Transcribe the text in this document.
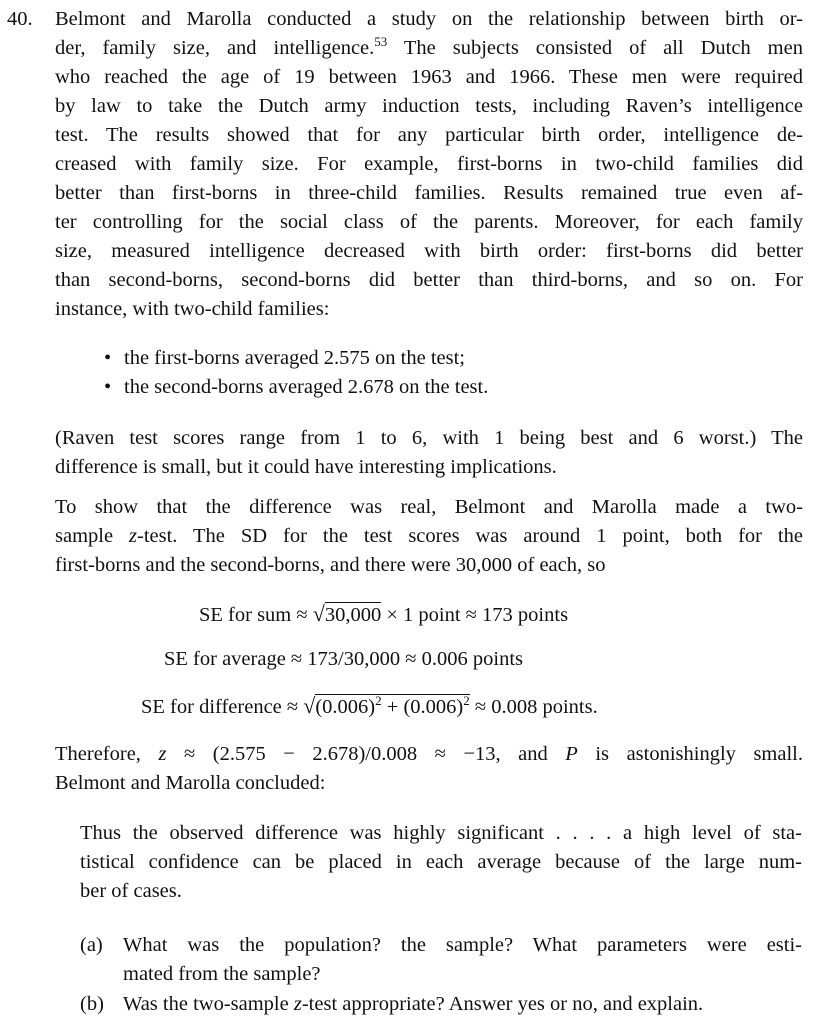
40. Belmont and Marolla conducted a study on the relationship between birth or-
der, family size, and intelligence.$^{53}$ The subjects consisted of all Dutch men
who reached the age of 19 between 1963 and 1966. These men were required
by law to take the Dutch army induction tests, including Raven’s intelligence
test. The results showed that for any particular birth order, intelligence de-
creased with family size. For example, first-borns in two-child families did
better than first-borns in three-child families. Results remained true even af-
ter controlling for the social class of the parents. Moreover, for each family
size, measured intelligence decreased with birth order: first-borns did better
than second-borns, second-borns did better than third-borns, and so on. For
instance, with two-child families:
• the first-borns averaged 2.575 on the test;
• the second-borns averaged 2.678 on the test.
(Raven test scores range from 1 to 6, with 1 being best and 6 worst.) The
difference is small, but it could have interesting implications.
To show that the difference was real, Belmont and Marolla made a two-
sample z-test. The SD for the test scores was around 1 point, both for the
first-borns and the second-borns, and there were 30,000 of each, so
SE for sum ≈ √30,000 × 1 point ≈ 173 points
SE for average ≈ 173/30,000 ≈ 0.006 points
SE for difference ≈ $√(0.006)^2 + (0.006)^2 \approx 0.008$ points.
Therefore, z ≈ (2.575 − 2.678)/0.008 ≈ −13, and P is astonishingly small.
Belmont and Marolla concluded:
Thus the observed difference was highly significant . . . . a high level of sta-
tistical confidence can be placed in each average because of the large num-
ber of cases.
(a) What was the population? the sample? What parameters were esti-
mated from the sample?
(b) Was the two-sample z-test appropriate? Answer yes or no, and explain.
